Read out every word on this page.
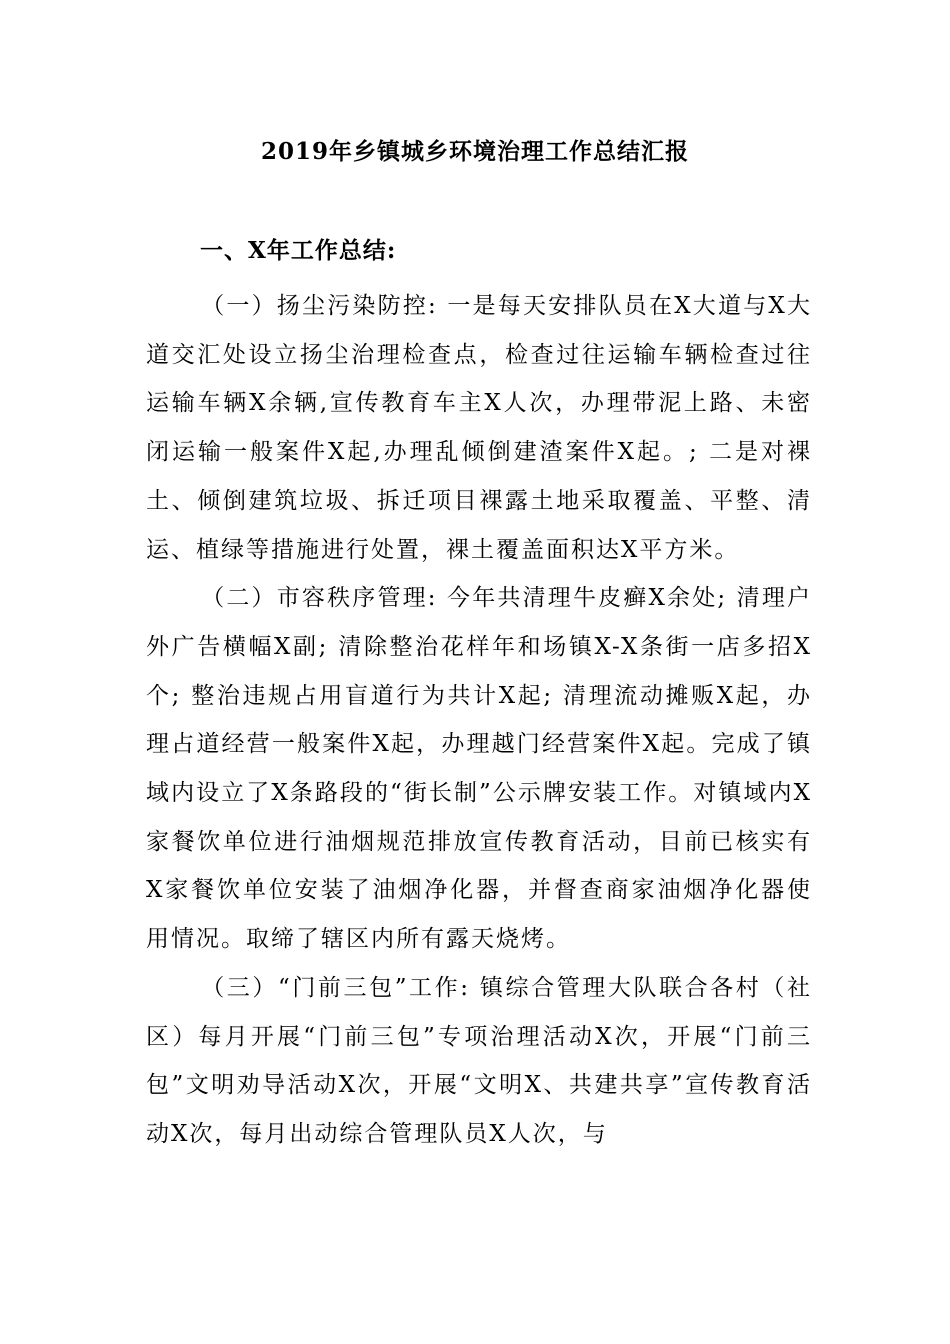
2019年乡镇城乡环境治理工作总结汇报
一、X年工作总结:

（一）扬尘污染防控: 一是每天安排队员在X大道与X大道交汇处设立扬尘治理检查点，检查过往运输车辆检查过往运输车辆X余辆,宣传教育车主X人次，办理带泥上路、未密闭运输一般案件X起,办理乱倾倒建渣案件X起。; 二是对裸土、倾倒建筑垃圾、拆迁项目裸露土地采取覆盖、平整、清运、植绿等措施进行处置，裸土覆盖面积达X平方米。

（二）市容秩序管理: 今年共清理牛皮癣X余处; 清理户外广告横幅X副; 清除整治花样年和场镇X-X条街一店多招X个; 整治违规占用盲道行为共计X起; 清理流动摊贩X起，办理占道经营一般案件X起，办理越门经营案件X起。完成了镇域内设立了X条路段的“街长制”公示牌安装工作。对镇域内X家餐饮单位进行油烟规范排放宣传教育活动，目前已核实有X家餐饮单位安装了油烟净化器，并督查商家油烟净化器使用情况。取缔了辖区内所有露天烧烤。

（三）“门前三包”工作: 镇综合管理大队联合各村（社区）每月开展“门前三包”专项治理活动X次，开展“门前三包”文明劝导活动X次，开展“文明X、共建共享”宣传教育活动X次，每月出动综合管理队员X人次，与
